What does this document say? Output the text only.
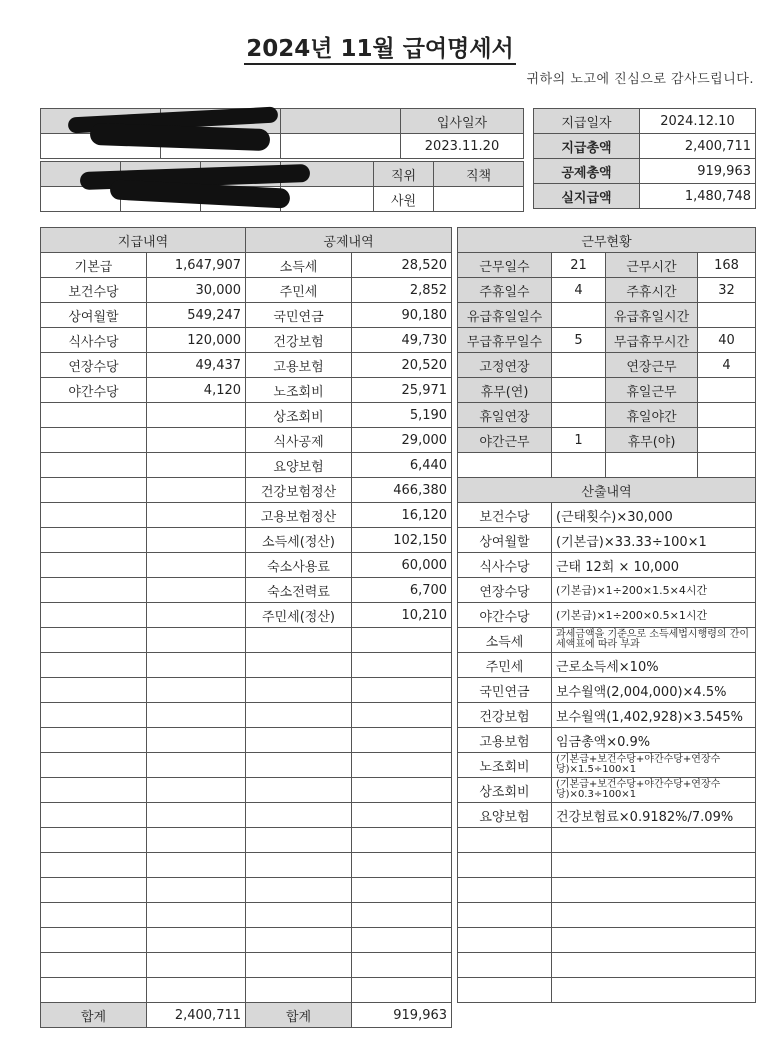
2024년 11월 급여명세서
귀하의 노고에 진심으로 감사드립니다.
			입사일자
			2023.11.20
				직위	직책
				사원	
지급일자	2024.12.10
지급총액	2,400,711
공제총액	919,963
실지급액	1,480,748
지급내역		공제내역	
기본급	1,647,907	소득세	28,520
보건수당	30,000	주민세	2,852
상여월할	549,247	국민연금	90,180
식사수당	120,000	건강보험	49,730
연장수당	49,437	고용보험	20,520
야간수당	4,120	노조회비	25,971
		상조회비	5,190
		식사공제	29,000
		요양보험	6,440
		건강보험정산	466,380
		고용보험정산	16,120
		소득세(정산)	102,150
		숙소사용료	60,000
		숙소전력료	6,700
		주민세(정산)	10,210

합계	2,400,711	합계	919,963
근무현황			
근무일수	21	근무시간	168
주휴일수	4	주휴시간	32
유급휴일일수		유급휴일시간	
무급휴무일수	5	무급휴무시간	40
고정연장		연장근무	4
휴무(연)		휴일근무	
휴일연장		휴일야간	
야간근무	1	휴무(야)	

산출내역			
보건수당	(근태횟수)×30,000		
상여월할	(기본급)×33.33÷100×1		
식사수당	근태 12회 × 10,000		
연장수당	(기본급)×1÷200×1.5×4시간		
야간수당	(기본급)×1÷200×0.5×1시간		
소득세	과세금액을 기준으로 소득세법시행령의 간이세액표에 따라 부과		
주민세	근로소득세×10%		
국민연금	보수월액(2,004,000)×4.5%		
건강보험	보수월액(1,402,928)×3.545%		
고용보험	임금총액×0.9%		
노조회비	(기본급+보건수당+야간수당+연장수당)×1.5÷100×1		
상조회비	(기본급+보건수당+야간수당+연장수당)×0.3÷100×1		
요양보험	건강보험료×0.9182%/7.09%		
